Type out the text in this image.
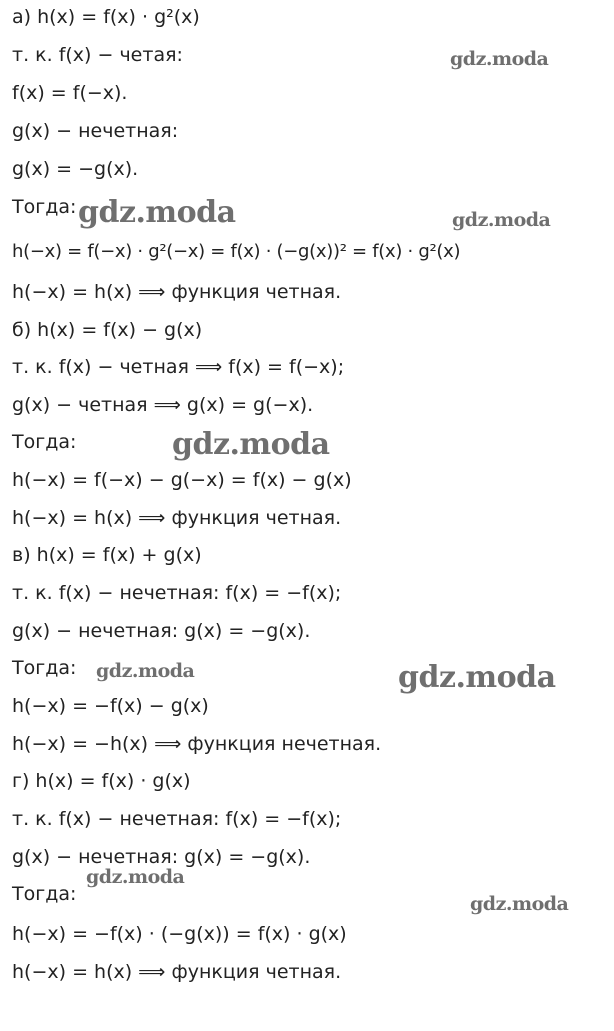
а) h(x) = f(x) · g²(x)
т. к. f(x) − четая:
f(x) = f(−x).
g(x) − нечетная:
g(x) = −g(x).
Тогда:
h(−x) = f(−x) · g²(−x) = f(x) · (−g(x))² = f(x) · g²(x)
h(−x) = h(x) ⟹ функция четная.
б) h(x) = f(x) − g(x)
т. к. f(x) − четная ⟹ f(x) = f(−x);
g(x) − четная ⟹ g(x) = g(−x).
Тогда:
h(−x) = f(−x) − g(−x) = f(x) − g(x)
h(−x) = h(x) ⟹ функция четная.
в) h(x) = f(x) + g(x)
т. к. f(x) − нечетная: f(x) = −f(x);
g(x) − нечетная: g(x) = −g(x).
Тогда:
h(−x) = −f(x) − g(x)
h(−x) = −h(x) ⟹ функция нечетная.
г) h(x) = f(x) · g(x)
т. к. f(x) − нечетная: f(x) = −f(x);
g(x) − нечетная: g(x) = −g(x).
Тогда:
h(−x) = −f(x) · (−g(x)) = f(x) · g(x)
h(−x) = h(x) ⟹ функция четная.
gdz.moda
gdz.moda	gdz.moda
gdz.moda
gdz.moda	gdz.moda
gdz.moda
gdz.moda
